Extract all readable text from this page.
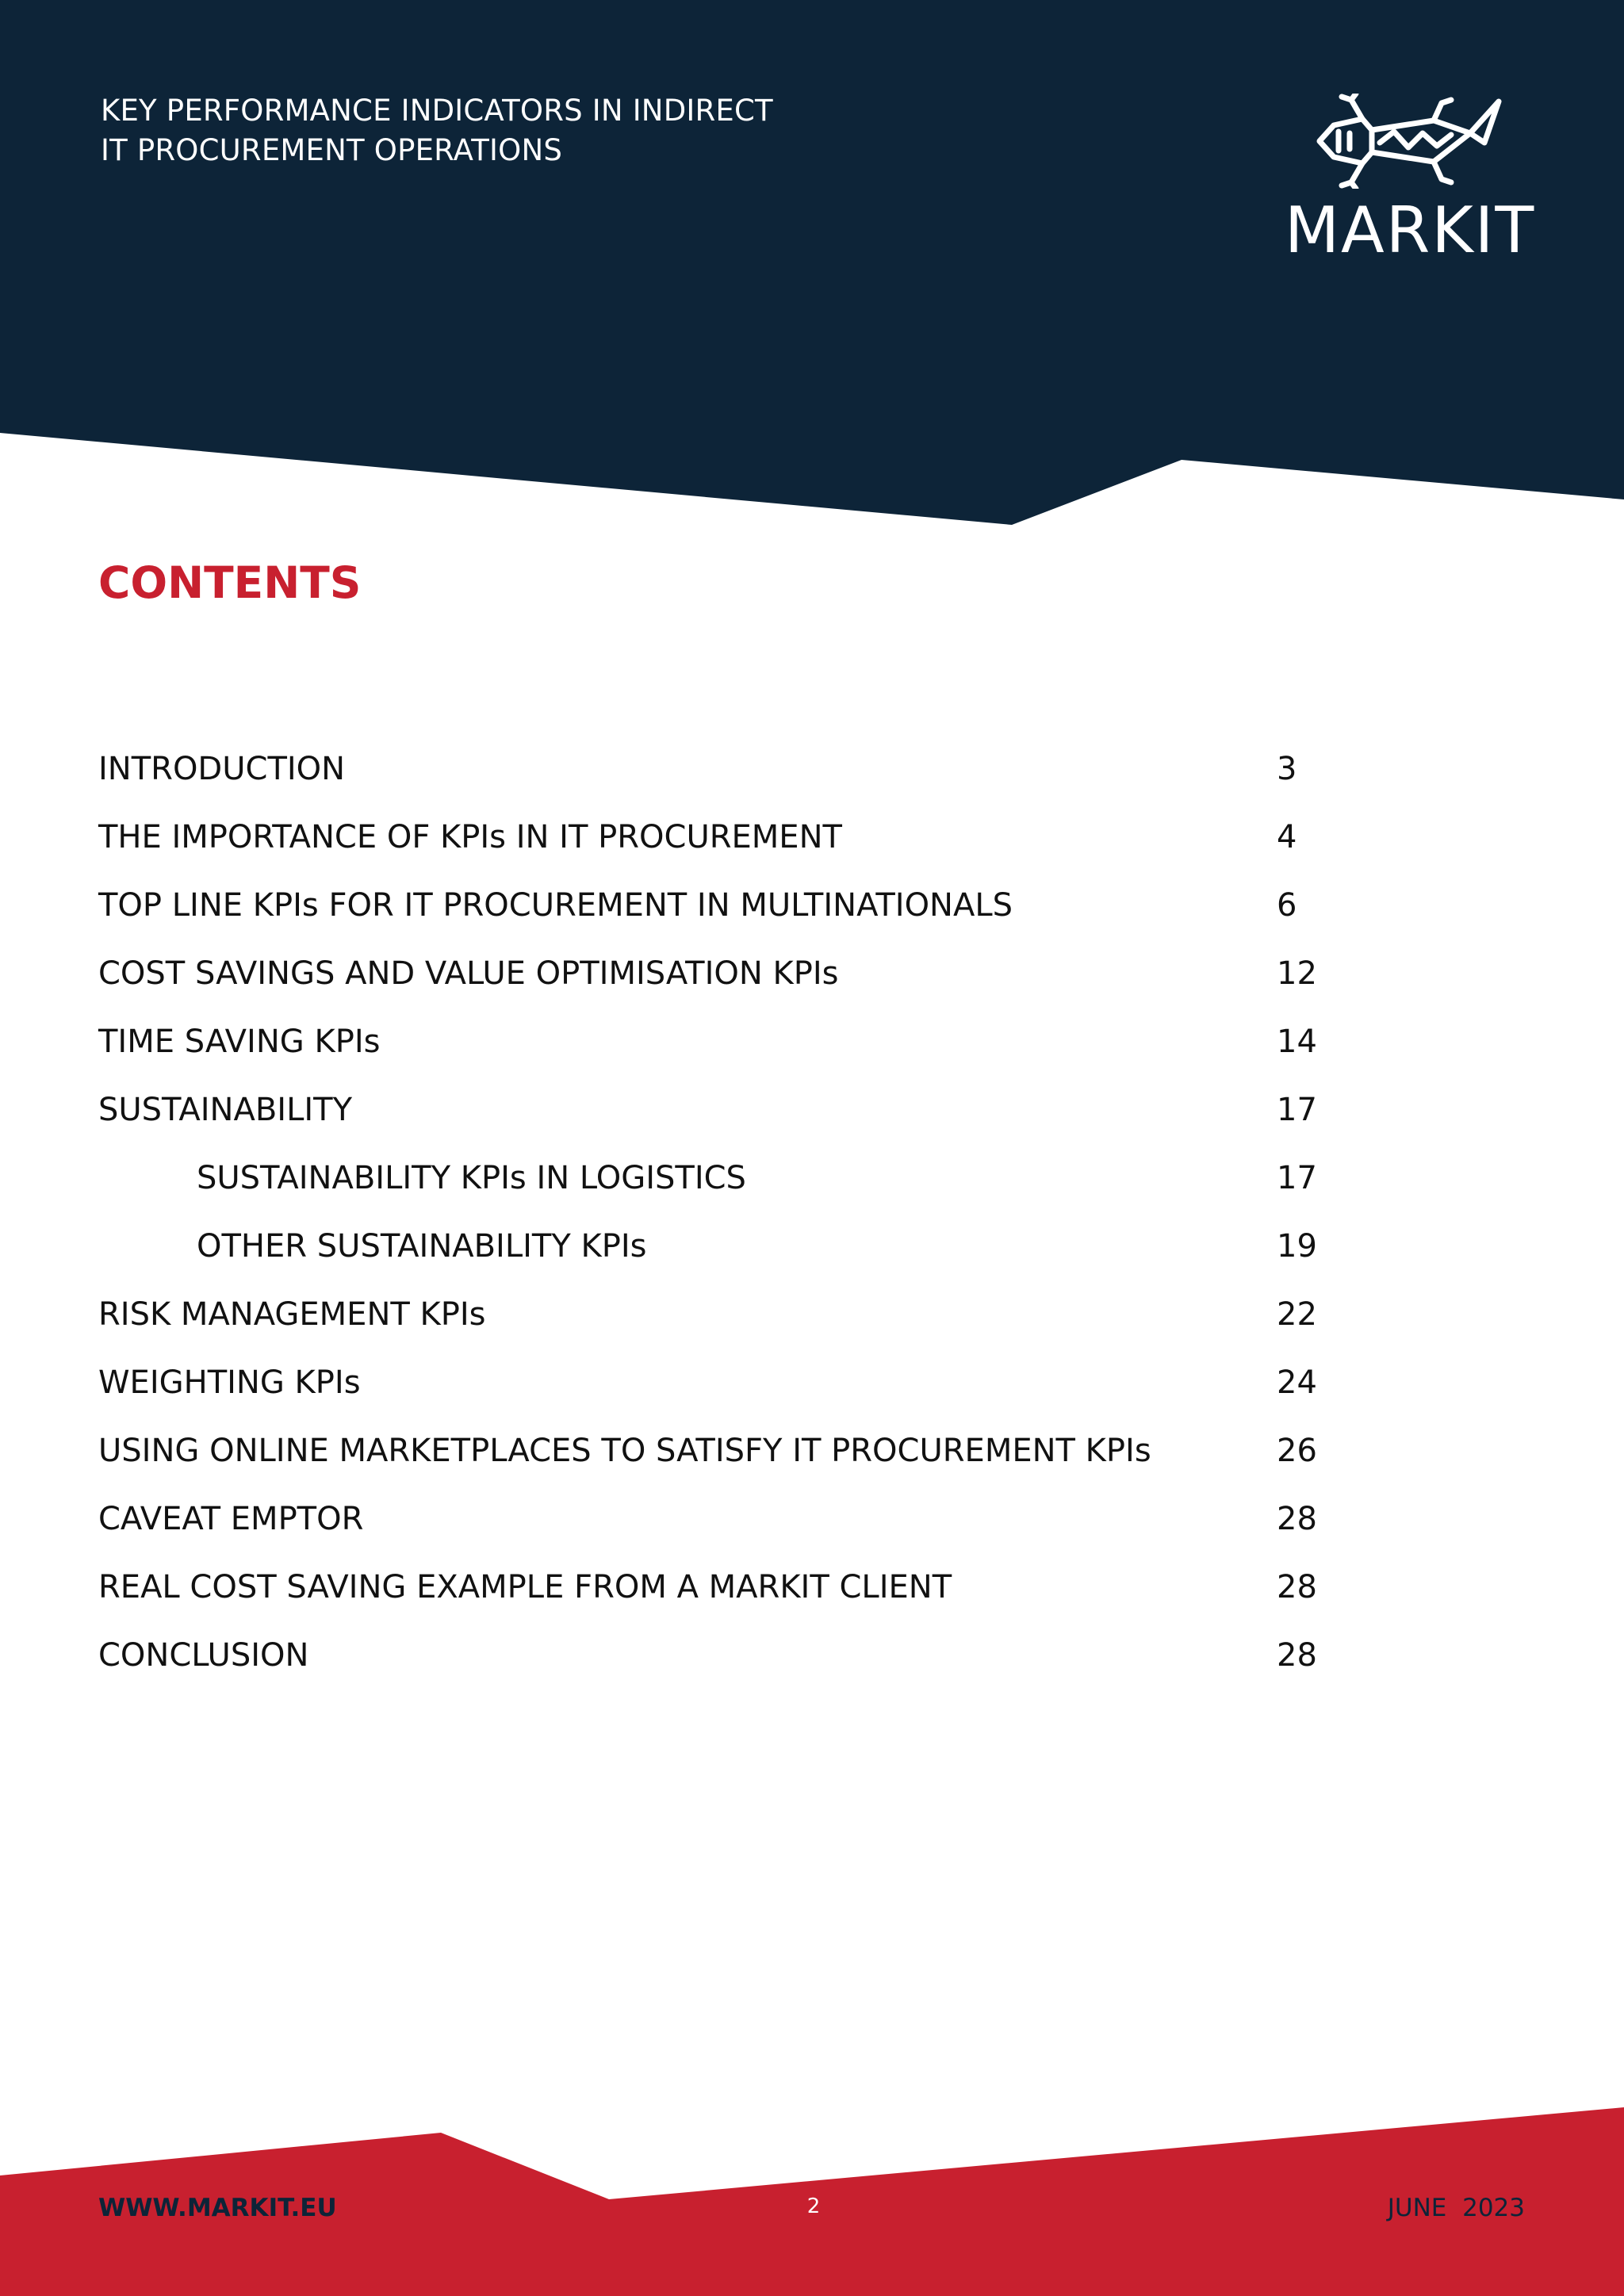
KEY PERFORMANCE INDICATORS IN INDIRECT
IT PROCUREMENT OPERATIONS
MARKIT
CONTENTS
INTRODUCTION	3
THE IMPORTANCE OF KPIs IN IT PROCUREMENT	4
TOP LINE KPIs FOR IT PROCUREMENT IN MULTINATIONALS	6
COST SAVINGS AND VALUE OPTIMISATION KPIs	12
TIME SAVING KPIs	14
SUSTAINABILITY	17
SUSTAINABILITY KPIs IN LOGISTICS	17
OTHER SUSTAINABILITY KPIs	19
RISK MANAGEMENT KPIs	22
WEIGHTING KPIs	24
USING ONLINE MARKETPLACES TO SATISFY IT PROCUREMENT KPIs	26
CAVEAT EMPTOR	28
REAL COST SAVING EXAMPLE FROM A MARKIT CLIENT	28
CONCLUSION	28
WWW.MARKIT.EU	2	JUNE  2023
